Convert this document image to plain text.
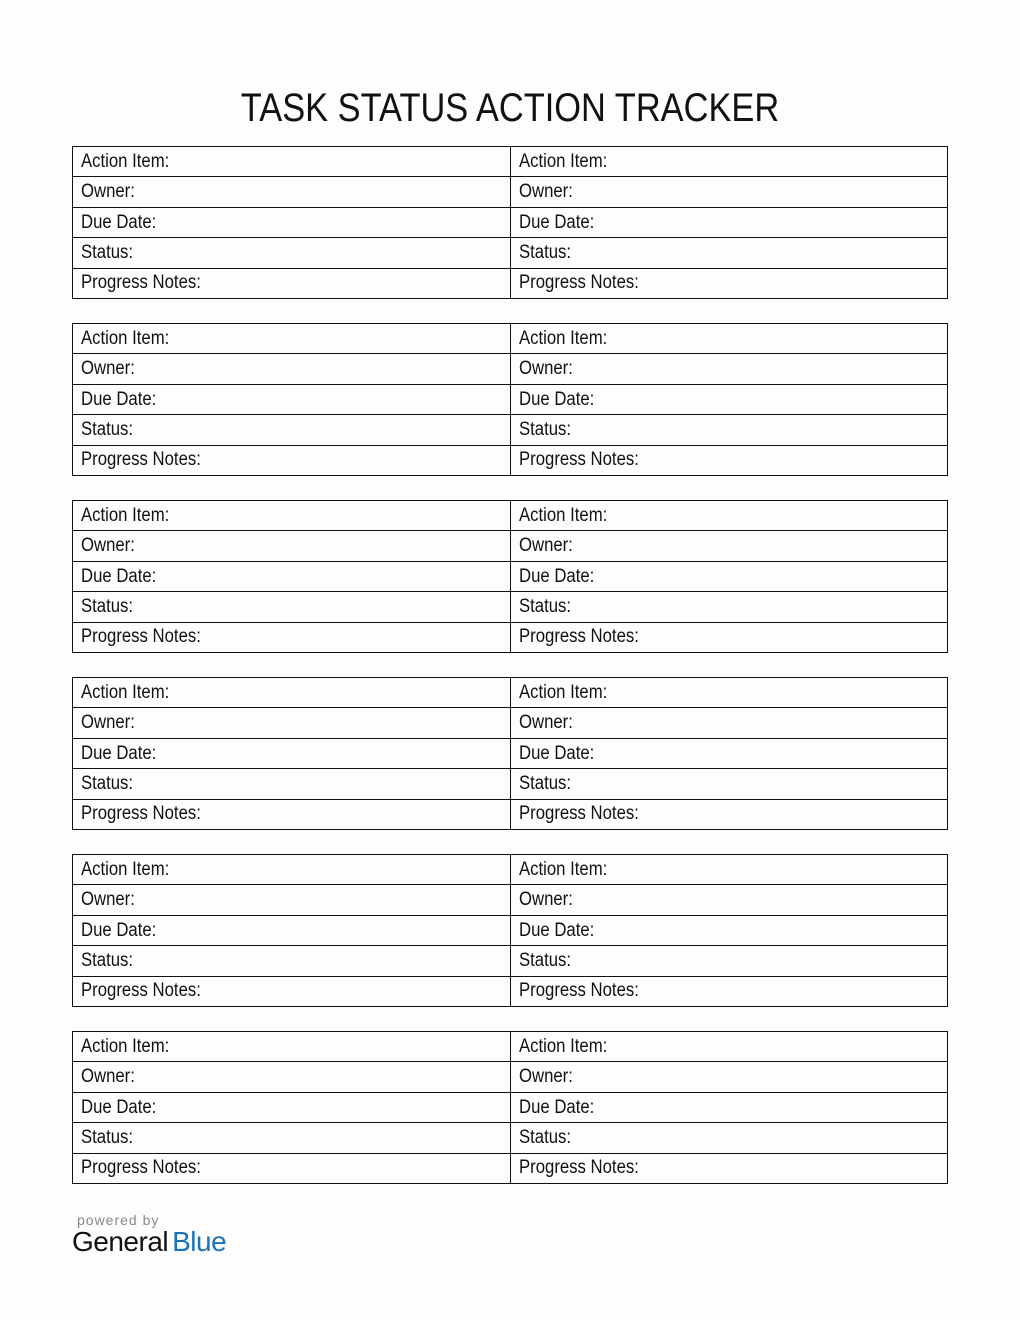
TASK STATUS ACTION TRACKER
Action Item:
Owner:
Due Date:
Status:
Progress Notes:
Action Item:
Owner:
Due Date:
Status:
Progress Notes:
Action Item:
Owner:
Due Date:
Status:
Progress Notes:
Action Item:
Owner:
Due Date:
Status:
Progress Notes:
Action Item:
Owner:
Due Date:
Status:
Progress Notes:
Action Item:
Owner:
Due Date:
Status:
Progress Notes:
Action Item:
Owner:
Due Date:
Status:
Progress Notes:
Action Item:
Owner:
Due Date:
Status:
Progress Notes:
Action Item:
Owner:
Due Date:
Status:
Progress Notes:
Action Item:
Owner:
Due Date:
Status:
Progress Notes:
Action Item:
Owner:
Due Date:
Status:
Progress Notes:
Action Item:
Owner:
Due Date:
Status:
Progress Notes:
powered by
General Blue
